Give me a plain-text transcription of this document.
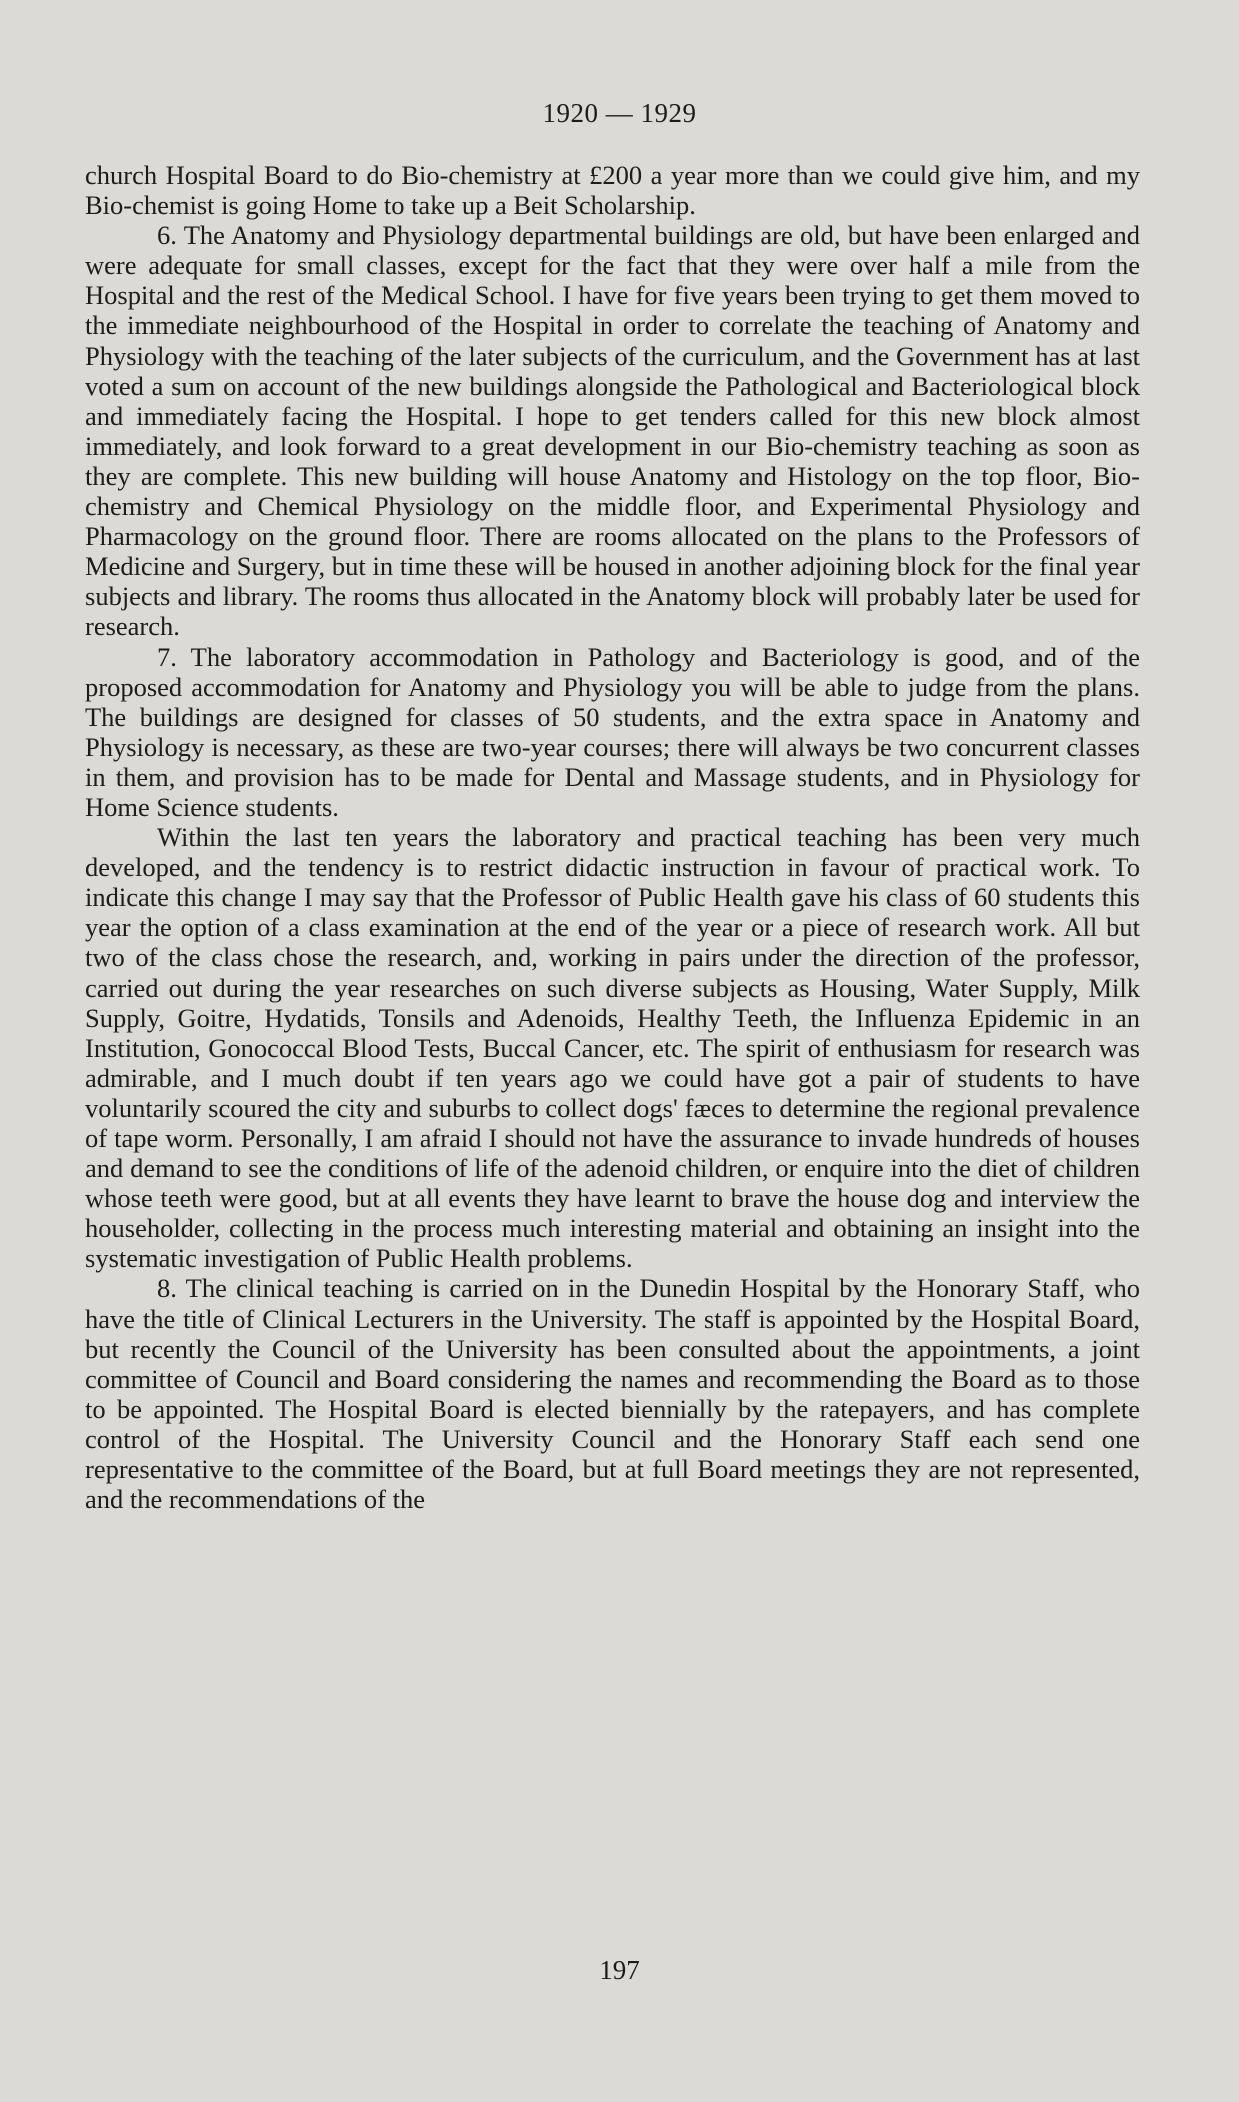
1920 — 1929

church Hospital Board to do Bio-chemistry at £200 a year more than we could give him, and my Bio-chemist is going Home to take up a Beit Scholarship.

6. The Anatomy and Physiology departmental buildings are old, but have been enlarged and were adequate for small classes, except for the fact that they were over half a mile from the Hospital and the rest of the Medical School. I have for five years been trying to get them moved to the immediate neighbourhood of the Hospital in order to correlate the teaching of Anatomy and Physiology with the teaching of the later subjects of the curriculum, and the Government has at last voted a sum on account of the new buildings alongside the Pathological and Bacteriological block and immediately facing the Hospital. I hope to get tenders called for this new block almost immediately, and look forward to a great development in our Bio-chemistry teaching as soon as they are complete. This new building will house Anatomy and Histology on the top floor, Bio-chemistry and Chemical Physiology on the middle floor, and Experimental Physiology and Pharmacology on the ground floor. There are rooms allocated on the plans to the Professors of Medicine and Surgery, but in time these will be housed in another adjoining block for the final year subjects and library. The rooms thus allocated in the Anatomy block will probably later be used for research.

7. The laboratory accommodation in Pathology and Bacteriology is good, and of the proposed accommodation for Anatomy and Physiology you will be able to judge from the plans. The buildings are designed for classes of 50 students, and the extra space in Anatomy and Physiology is necessary, as these are two-year courses; there will always be two concurrent classes in them, and provision has to be made for Dental and Massage students, and in Physiology for Home Science students.

Within the last ten years the laboratory and practical teaching has been very much developed, and the tendency is to restrict didactic instruction in favour of practical work. To indicate this change I may say that the Professor of Public Health gave his class of 60 students this year the option of a class examination at the end of the year or a piece of research work. All but two of the class chose the research, and, working in pairs under the direction of the professor, carried out during the year researches on such diverse subjects as Housing, Water Supply, Milk Supply, Goitre, Hydatids, Tonsils and Adenoids, Healthy Teeth, the Influenza Epidemic in an Institution, Gonococcal Blood Tests, Buccal Cancer, etc. The spirit of enthusiasm for research was admirable, and I much doubt if ten years ago we could have got a pair of students to have voluntarily scoured the city and suburbs to collect dogs' fæces to determine the regional prevalence of tape worm. Personally, I am afraid I should not have the assurance to invade hundreds of houses and demand to see the conditions of life of the adenoid children, or enquire into the diet of children whose teeth were good, but at all events they have learnt to brave the house dog and interview the householder, collecting in the process much interesting material and obtaining an insight into the systematic investigation of Public Health problems.

8. The clinical teaching is carried on in the Dunedin Hospital by the Honorary Staff, who have the title of Clinical Lecturers in the University. The staff is appointed by the Hospital Board, but recently the Council of the University has been consulted about the appointments, a joint committee of Council and Board considering the names and recommending the Board as to those to be appointed. The Hospital Board is elected biennially by the ratepayers, and has complete control of the Hospital. The University Council and the Honorary Staff each send one representative to the committee of the Board, but at full Board meetings they are not represented, and the recommendations of the

197
